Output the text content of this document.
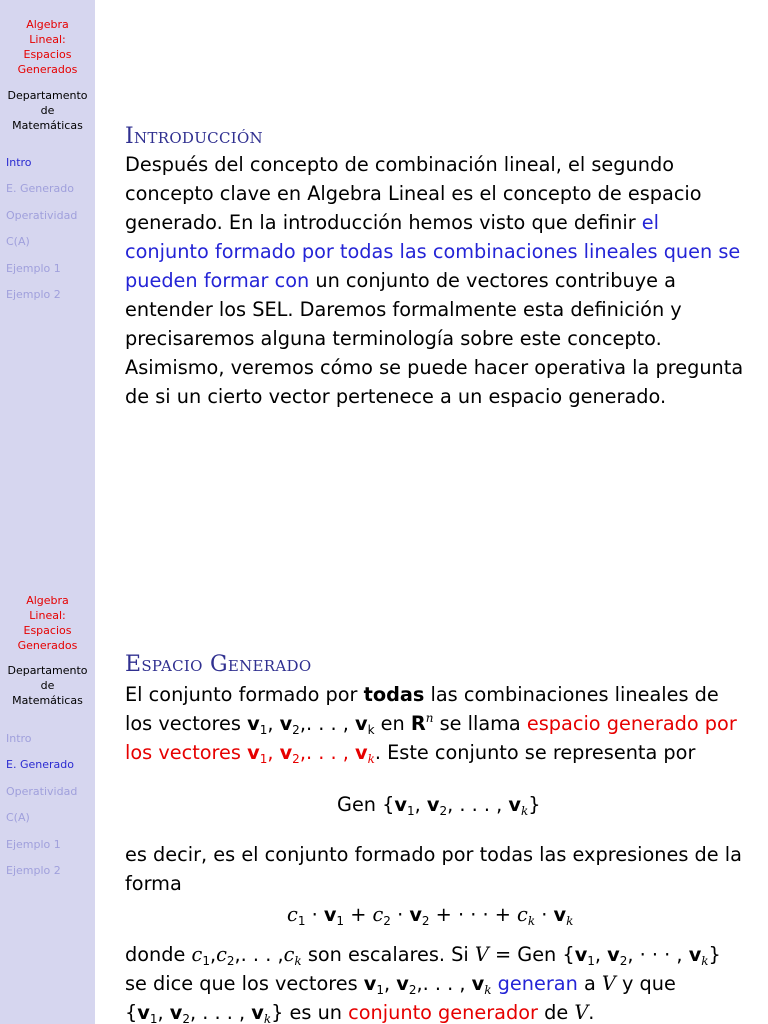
Algebra
Lineal:
Espacios
Generados
Departamento
de
Matemáticas
Intro
E. Generado
Operatividad
C(A)
Ejemplo 1
Ejemplo 2
Introducción
Después del concepto de combinación lineal, el segundo
concepto clave en Algebra Lineal es el concepto de espacio
generado. En la introducción hemos visto que definir el
conjunto formado por todas las combinaciones lineales quen se
pueden formar con un conjunto de vectores contribuye a
entender los SEL. Daremos formalmente esta definición y
precisaremos alguna terminología sobre este concepto.
Asimismo, veremos cómo se puede hacer operativa la pregunta
de si un cierto vector pertenece a un espacio generado.
Algebra
Lineal:
Espacios
Generados
Departamento
de
Matemáticas
Intro
E. Generado
Operatividad
C(A)
Ejemplo 1
Ejemplo 2
Espacio Generado
El conjunto formado por todas las combinaciones lineales de
los vectores $v_1$, $v_2$,. . . , $v_k$ en $R^n$ se llama espacio generado por
los vectores $v_1$, $v_2$,. . . , $v_k$. Este conjunto se representa por
Gen {$v_1$, $v_2$, . . . , $v_k$}
es decir, es el conjunto formado por todas las expresiones de la
forma
$c_1 \cdot v_1 + c_2 \cdot v_2$ + · · · + $c_k \cdot v_k$
donde $c_1,c_2$,. . . $,c_k$ son escalares. Si V = Gen {$v_1$, $v_2$, · · · , $v_k$}
se dice que los vectores $v_1$, $v_2$,. . . , $v_k$ generan a V y que
{$v_1$, $v_2$, . . . , $v_k$} es un conjunto generador de V.
